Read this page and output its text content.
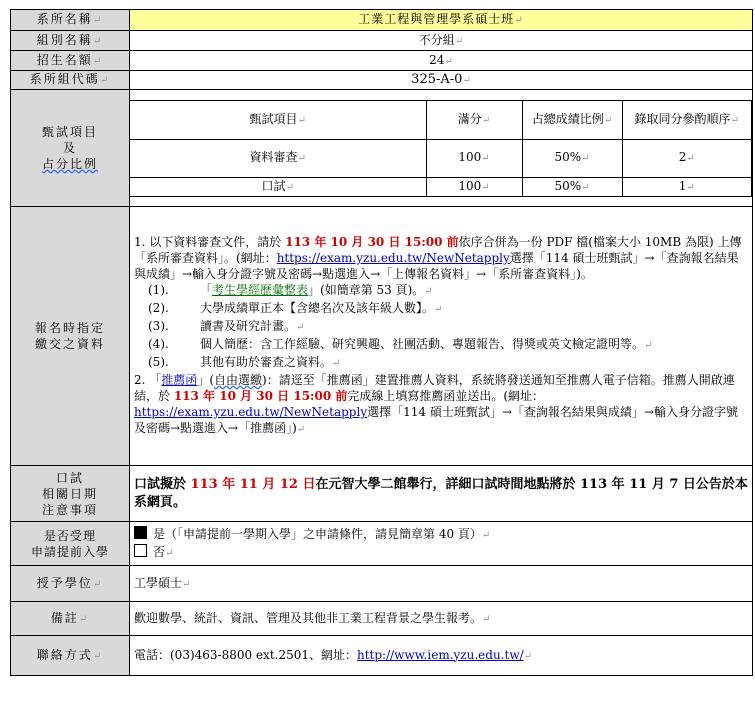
系所名稱↵	工業工程與管理學系碩士班↵
組別名稱↵	不分組↵
招生名額↵	24↵
系所組代碼↵	325-A-0↵

甄試項目
及
占分比例

甄試項目↵	滿分↵	占總成績比例↵	錄取同分參酌順序↵
資料審查↵	100↵	50%↵	2↵
口試↵	100↵	50%↵	1↵

報名時指定
繳交之資料

1. 以下資料審查文件，請於 113 年 10 月 30 日 15:00 前依序合併為一份 PDF 檔(檔案大小 10MB 為限) 上傳「系所審查資料」。(網址：https://exam.yzu.edu.tw/NewNetapply選擇「114 碩士班甄試」→「查詢報名結果與成績」→輸入身分證字號及密碼→點選進入→「上傳報名資料」→「系所審查資料」)。

(1).	「考生學經歷彙整表」(如簡章第 53 頁)。↵

(2).	大學成績單正本【含總名次及該年級人數】。↵

(3).	讀書及研究計畫。↵

(4).	個人簡歷：含工作經驗、研究興趣、社團活動、專題報告、得獎或英文檢定證明等。↵

(5).	其他有助於審查之資料。↵

2. 「推薦函」(自由選繳)：請逕至「推薦函」建置推薦人資料，系統將發送通知至推薦人電子信箱。推薦人開啟連結，於 113 年 10 月 30 日 15:00 前完成線上填寫推薦函並送出。(網址：https://exam.yzu.edu.tw/NewNetapply選擇「114 碩士班甄試」→「查詢報名結果與成績」→輸入身分證字號及密碼→點選進入→「推薦函」)↵

口試
相關日期
注意事項
	口試擬於 113 年 11 月 12 日在元智大學二館舉行，詳細口試時間地點將於 113 年 11 月 7 日公告於本系網頁。

是否受理
申請提前入學

是（「申請提前一學期入學」之申請條件，請見簡章第 40 頁）↵
否↵

授予學位↵	工學碩士↵
備註↵	歡迎數學、統計、資訊、管理及其他非工業工程背景之學生報考。↵
聯絡方式↵	電話：(03)463-8800 ext.2501、網址：http://www.iem.yzu.edu.tw/↵
